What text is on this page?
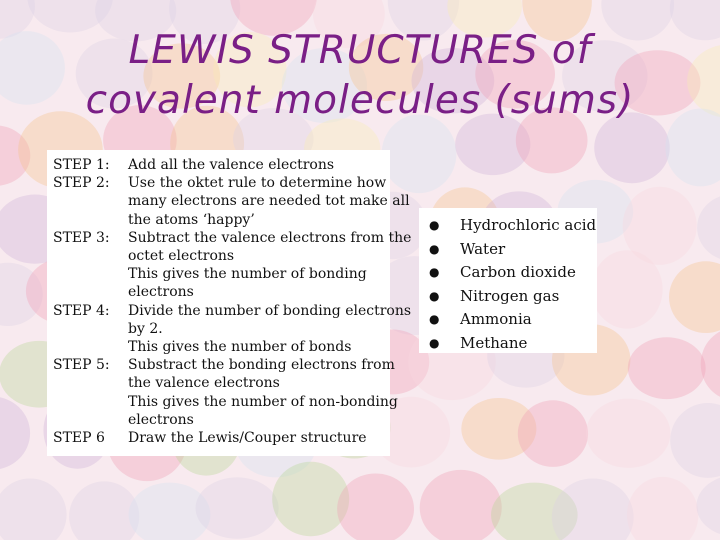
LEWIS STRUCTURES of
covalent molecules (sums)
STEP 1:	Add all the valence electrons
STEP 2:	Use the oktet rule to determine how
many electrons are needed tot make all
the atoms ‘happy’
STEP 3:	Subtract the valence electrons from the
octet electrons
This gives the number of bonding
electrons
STEP 4:	Divide the number of bonding electrons
by 2.
This gives the number of bonds
STEP 5:	Substract the bonding electrons from
the valence electrons
This gives the number of non-bonding
electrons
STEP 6	Draw the Lewis/Couper structure
●	Hydrochloric acid
●	Water
●	Carbon dioxide
●	Nitrogen gas
●	Ammonia
●	Methane
